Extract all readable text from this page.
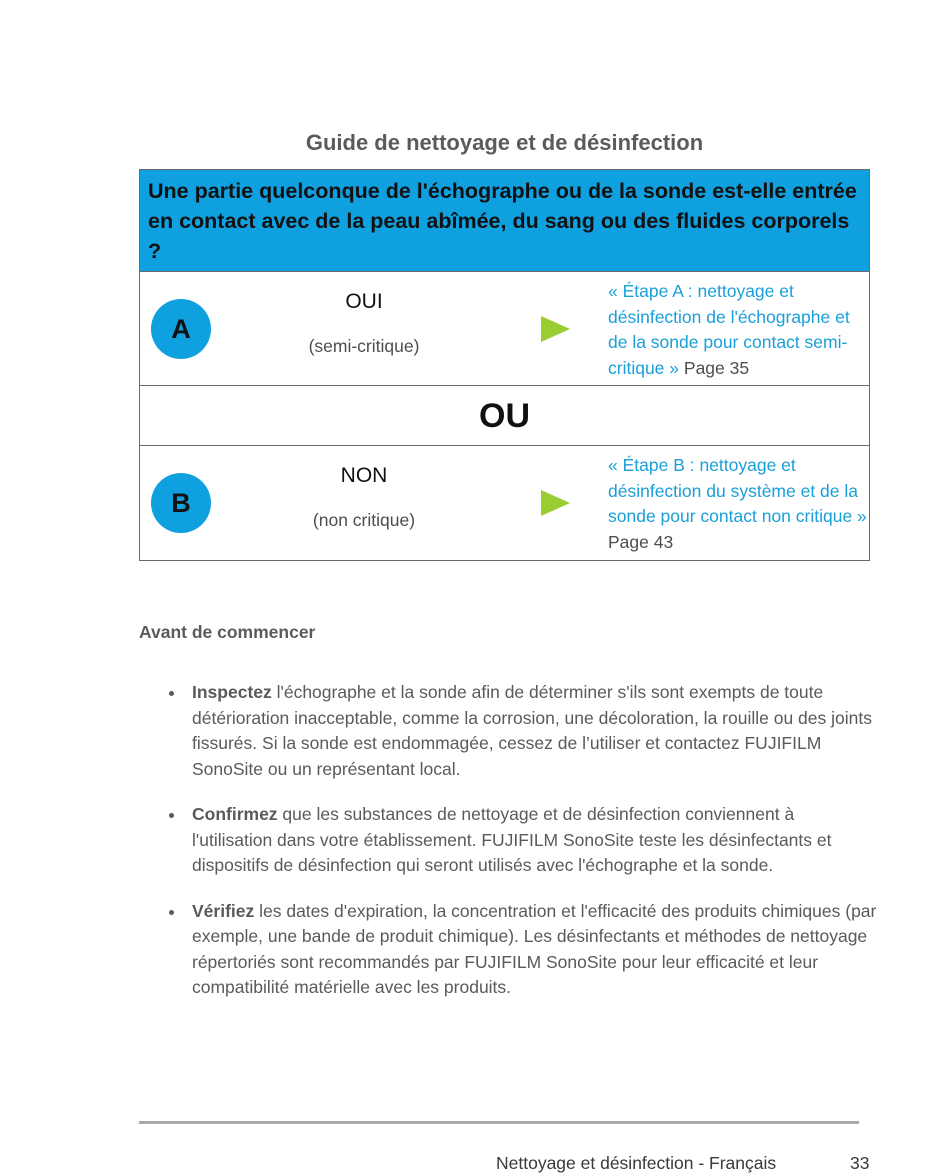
Guide de nettoyage et de désinfection
Une partie quelconque de l'échographe ou de la sonde est-elle entrée en contact avec de la peau abîmée, du sang ou des fluides corporels ?
A
OUI
(semi-critique)
« Étape A : nettoyage et désinfection de l'échographe et de la sonde pour contact semi-critique » Page 35
OU
B
NON
(non critique)
« Étape B : nettoyage et désinfection du système et de la sonde pour contact non critique » Page 43
Avant de commencer
Inspectez l'échographe et la sonde afin de déterminer s'ils sont exempts de toute détérioration inacceptable, comme la corrosion, une décoloration, la rouille ou des joints fissurés. Si la sonde est endommagée, cessez de l’utiliser et contactez FUJIFILM SonoSite ou un représentant local.
Confirmez que les substances de nettoyage et de désinfection conviennent à l'utilisation dans votre établissement. FUJIFILM SonoSite teste les désinfectants et dispositifs de désinfection qui seront utilisés avec l'échographe et la sonde.
Vérifiez les dates d'expiration, la concentration et l'efficacité des produits chimiques (par exemple, une bande de produit chimique). Les désinfectants et méthodes de nettoyage répertoriés sont recommandés par FUJIFILM SonoSite pour leur efficacité et leur compatibilité matérielle avec les produits.
Nettoyage et désinfection - Français	33
